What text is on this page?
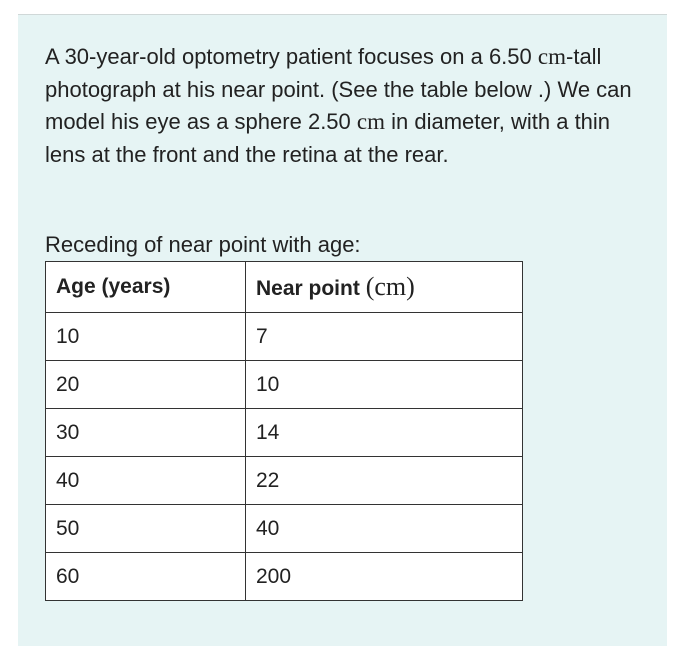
A 30-year-old optometry patient focuses on a 6.50 cm-tall photograph at his near point. (See the table below .) We can model his eye as a sphere 2.50 cm in diameter, with a thin lens at the front and the retina at the rear.

Receding of near point with age:

Age (years)	Near point (cm)
10	7
20	10
30	14
40	22
50	40
60	200
